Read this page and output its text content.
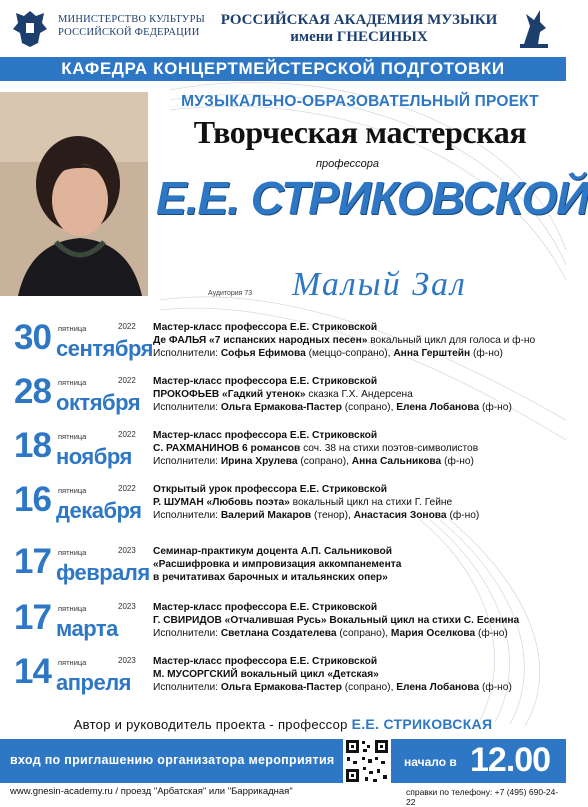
МИНИСТЕРСТВО КУЛЬТУРЫ
РОССИЙСКОЙ ФЕДЕРАЦИИ
РОССИЙСКАЯ АКАДЕМИЯ МУЗЫКИ
имени ГНЕСИНЫХ
КАФЕДРА КОНЦЕРТМЕЙСТЕРСКОЙ ПОДГОТОВКИ
МУЗЫКАЛЬНО-ОБРАЗОВАТЕЛЬНЫЙ ПРОЕКТ
Творческая мастерская
профессора
Е.Е. СТРИКОВСКОЙ
Аудитория 73 Малый Зал
30 пятница	2022
сентября
Мастер-класс профессора Е.Е. Стриковской
Де ФАЛЬЯ «7 испанских народных песен» вокальный цикл для голоса и ф-но
Исполнители: Софья Ефимова (меццо-сопрано), Анна Герштейн (ф-но)
28 пятница	2022
октября
Мастер-класс профессора Е.Е. Стриковской
ПРОКОФЬЕВ «Гадкий утенок» сказка Г.Х. Андерсена
Исполнители: Ольга Ермакова-Пастер (сопрано), Елена Лобанова (ф-но)
18 пятница	2022
ноября
Мастер-класс профессора Е.Е. Стриковской
С. РАХМАНИНОВ 6 романсов соч. 38 на стихи поэтов-символистов
Исполнители: Ирина Хрулева (сопрано), Анна Сальникова (ф-но)
16 пятница	2022
декабря
Открытый урок профессора Е.Е. Стриковской
Р. ШУМАН «Любовь поэта» вокальный цикл на стихи Г. Гейне
Исполнители: Валерий Макаров (тенор), Анастасия Зонова (ф-но)
17 пятница	2023
февраля
Семинар-практикум доцента А.П. Сальниковой
«Расшифровка и импровизация аккомпанемента
в речитативах барочных и итальянских опер»
17 пятница	2023
марта
Мастер-класс профессора Е.Е. Стриковской
Г. СВИРИДОВ «Отчалившая Русь» Вокальный цикл на стихи С. Есенина
Исполнители: Светлана Создателева (сопрано), Мария Оселкова (ф-но)
14 пятница	2023
апреля
Мастер-класс профессора Е.Е. Стриковской
М. МУСОРГСКИЙ вокальный цикл «Детская»
Исполнители: Ольга Ермакова-Пастер (сопрано), Елена Лобанова (ф-но)
Автор и руководитель проекта - профессор Е.Е. СТРИКОВСКАЯ
вход по приглашению организатора мероприятия	начало в 12.00
www.gnesin-academy.ru / проезд "Арбатская" или "Баррикадная"	справки по телефону: +7 (495) 690-24-22
